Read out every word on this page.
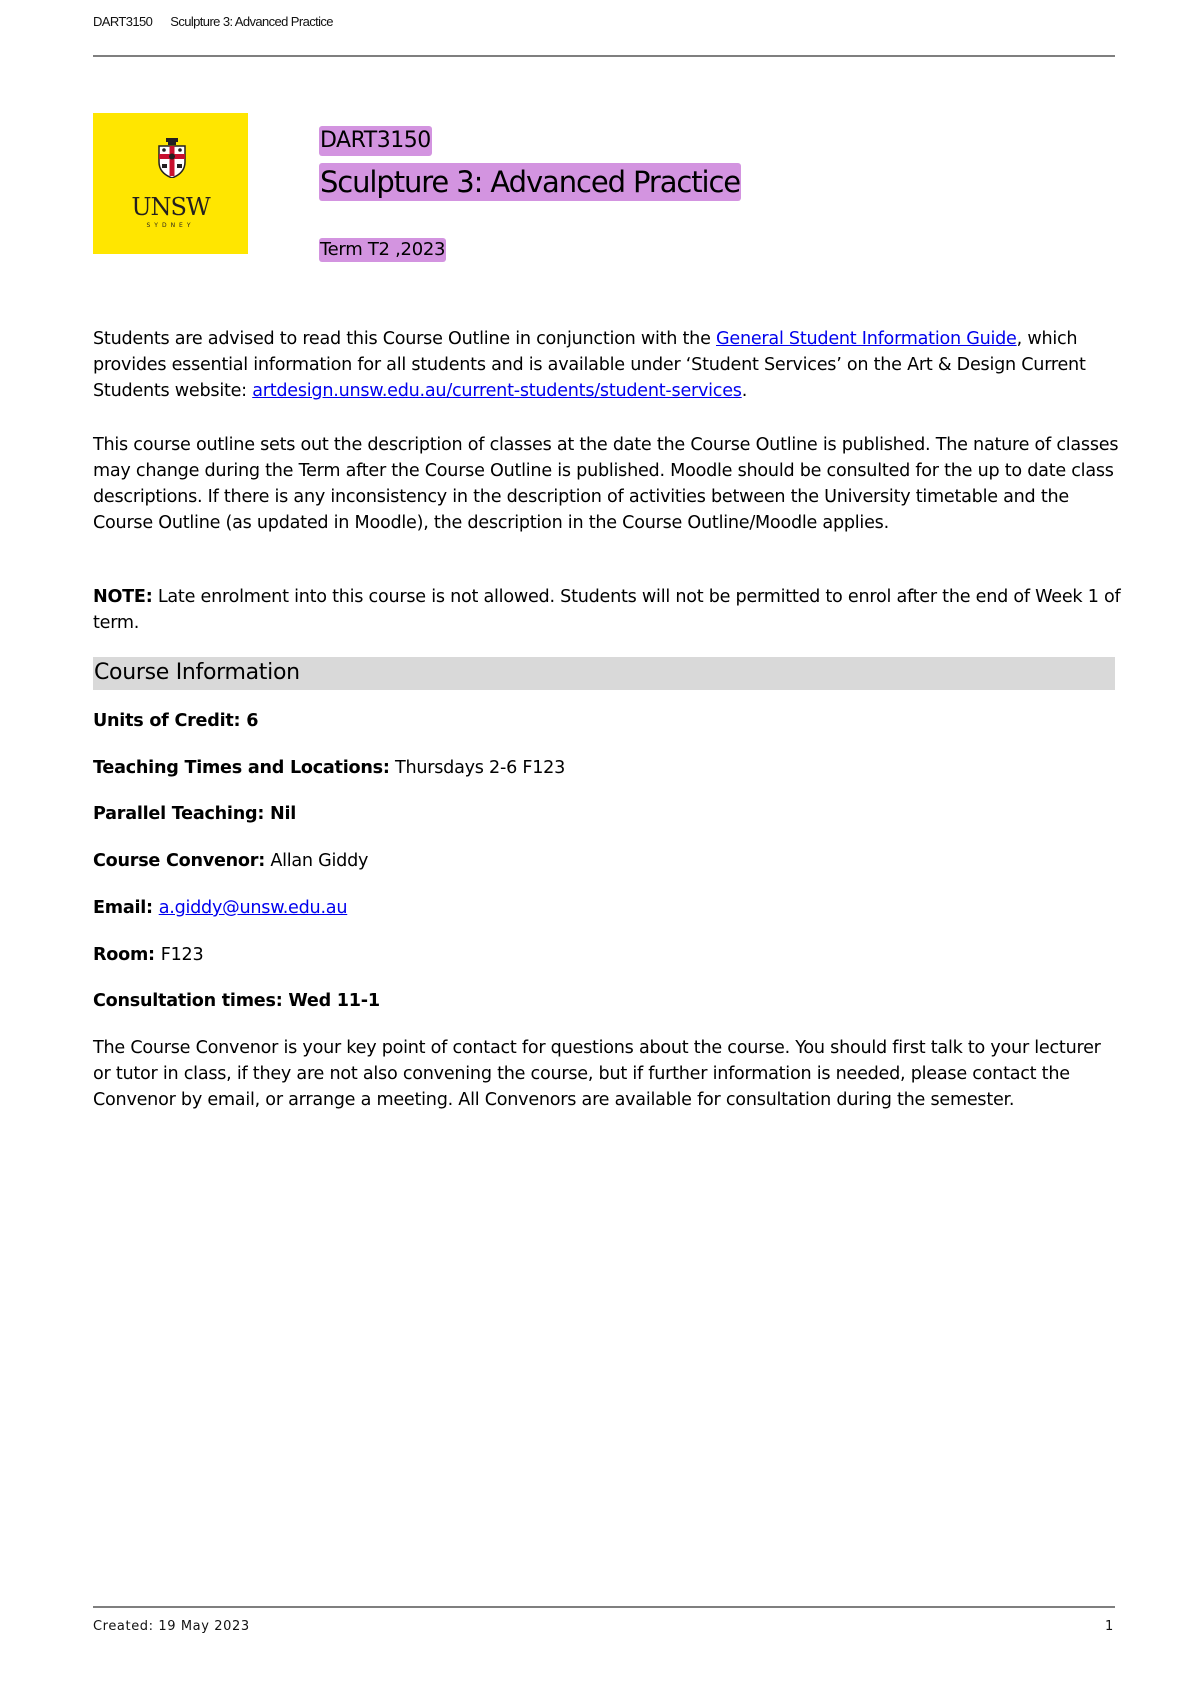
DART3150 Sculpture 3: Advanced Practice
UNSW
SYDNEY
DART3150
Sculpture 3: Advanced Practice
Term T2 ,2023
Students are advised to read this Course Outline in conjunction with the General Student Information Guide, which provides essential information for all students and is available under ‘Student Services’ on the Art & Design Current Students website: artdesign.unsw.edu.au/current-students/student-services.
This course outline sets out the description of classes at the date the Course Outline is published. The nature of classes may change during the Term after the Course Outline is published. Moodle should be consulted for the up to date class descriptions. If there is any inconsistency in the description of activities between the University timetable and the Course Outline (as updated in Moodle), the description in the Course Outline/Moodle applies.
NOTE: Late enrolment into this course is not allowed. Students will not be permitted to enrol after the end of Week 1 of term.
Course Information
Units of Credit: 6
Teaching Times and Locations: Thursdays 2-6 F123
Parallel Teaching: Nil
Course Convenor: Allan Giddy
Email: a.giddy@unsw.edu.au
Room: F123
Consultation times: Wed 11-1
The Course Convenor is your key point of contact for questions about the course. You should first talk to your lecturer or tutor in class, if they are not also convening the course, but if further information is needed, please contact the Convenor by email, or arrange a meeting. All Convenors are available for consultation during the semester.
Created: 19 May 2023	1
